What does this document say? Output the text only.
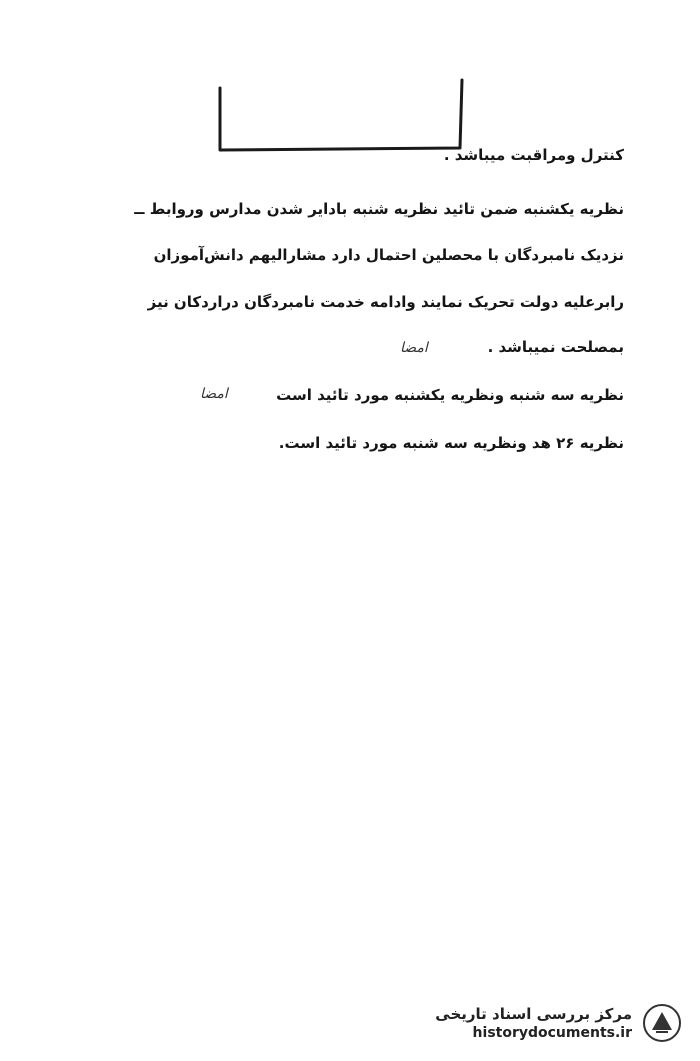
کنترل ومراقبت میباشد .
نظریه یکشنبه ضمن تائید نظریه شنبه بادایر شدن مدارس وروابط ــ
نزدیک نامبردگان با محصلین احتمال دارد مشارالیهم دانش‌آموزان
رابرعلیه دولت تحریک نمایند وادامه خدمت نامبردگان دراردکان نیز
بمصلحت نمیباشد .
نظریه سه شنبه ونظریه یکشنبه مورد تائید است
نظریه ۲۶ هد ونظریه سه شنبه مورد تائید است.
امضا
امضا
مرکز بررسی اسناد تاریخی
historydocuments.ir
